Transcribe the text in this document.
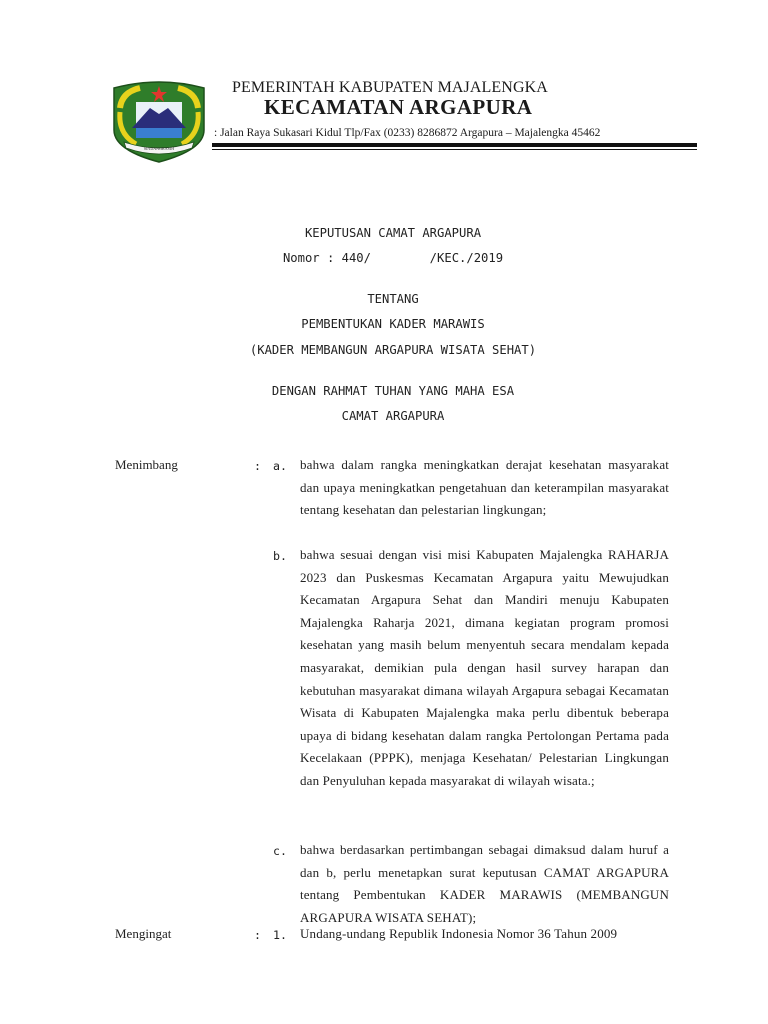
SINDANGKASIH
PEMERINTAH KABUPATEN MAJALENGKA
KECAMATAN ARGAPURA
: Jalan Raya Sukasari Kidul Tlp/Fax (0233) 8286872 Argapura – Majalengka 45462
KEPUTUSAN CAMAT ARGAPURA
Nomor : 440/        /KEC./2019
TENTANG
PEMBENTUKAN KADER MARAWIS
(KADER MEMBANGUN ARGAPURA WISATA SEHAT)
DENGAN RAHMAT TUHAN YANG MAHA ESA
CAMAT ARGAPURA
Menimbang	: a. bahwa dalam rangka meningkatkan derajat kesehatan masyarakat dan upaya meningkatkan pengetahuan dan keterampilan masyarakat tentang kesehatan dan pelestarian lingkungan;
b. bahwa sesuai dengan visi misi Kabupaten Majalengka RAHARJA 2023 dan Puskesmas Kecamatan Argapura yaitu Mewujudkan Kecamatan Argapura Sehat dan Mandiri menuju Kabupaten Majalengka Raharja 2021, dimana kegiatan program promosi kesehatan yang masih belum menyentuh secara mendalam kepada masyarakat, demikian pula dengan hasil survey harapan dan kebutuhan masyarakat dimana wilayah Argapura sebagai Kecamatan Wisata di Kabupaten Majalengka maka perlu dibentuk beberapa upaya di bidang kesehatan dalam rangka Pertolongan Pertama pada Kecelakaan (PPPK), menjaga Kesehatan/ Pelestarian Lingkungan dan Penyuluhan kepada masyarakat di wilayah wisata.;
c. bahwa berdasarkan pertimbangan sebagai dimaksud dalam huruf a dan b, perlu menetapkan surat keputusan CAMAT ARGAPURA tentang Pembentukan KADER MARAWIS (MEMBANGUN ARGAPURA WISATA SEHAT);
Mengingat	: 1. Undang-undang Republik Indonesia Nomor 36 Tahun 2009
